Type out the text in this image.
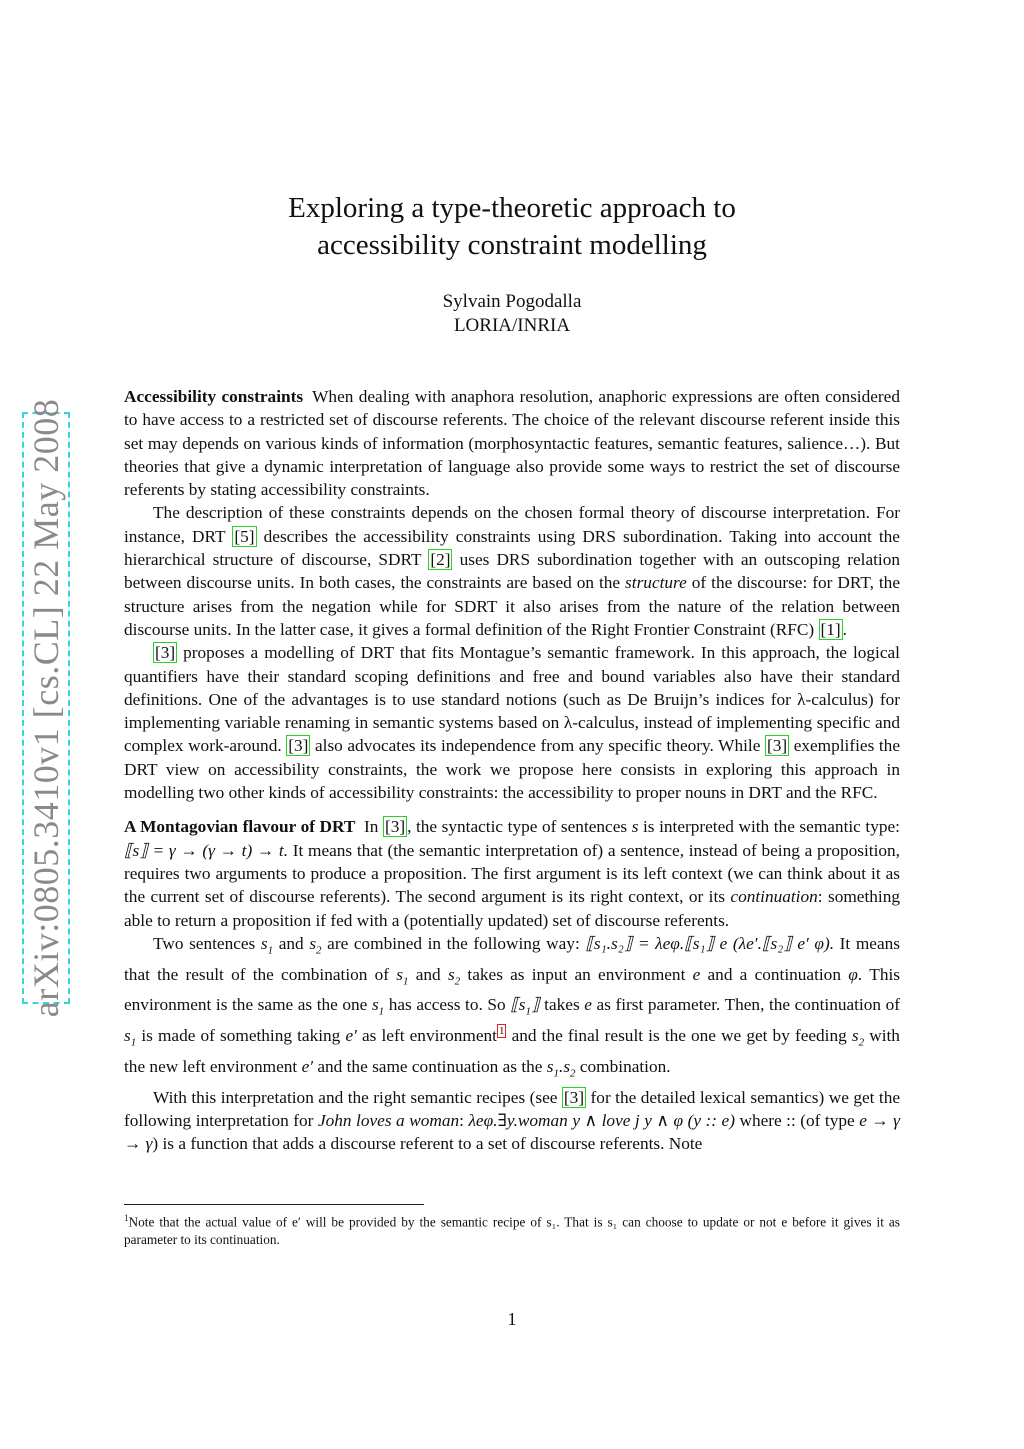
arXiv:0805.3410v1 [cs.CL] 22 May 2008
Exploring a type-theoretic approach to
accessibility constraint modelling
Sylvain Pogodalla
LORIA/INRIA

Accessibility constraints When dealing with anaphora resolution, anaphoric expressions are often considered to have access to a restricted set of discourse referents. The choice of the relevant discourse referent inside this set may depends on various kinds of information (morphosyntactic features, semantic features, salience…). But theories that give a dynamic interpretation of language also provide some ways to restrict the set of discourse referents by stating accessibility constraints.

The description of these constraints depends on the chosen formal theory of discourse interpretation. For instance, DRT [5] describes the accessibility constraints using DRS subordination. Taking into account the hierarchical structure of discourse, SDRT [2] uses DRS subordination together with an outscoping relation between discourse units. In both cases, the constraints are based on the structure of the discourse: for DRT, the structure arises from the negation while for SDRT it also arises from the nature of the relation between discourse units. In the latter case, it gives a formal definition of the Right Frontier Constraint (RFC) [1] .

[3] proposes a modelling of DRT that fits Montague’s semantic framework. In this approach, the logical quantifiers have their standard scoping definitions and free and bound variables also have their standard definitions. One of the advantages is to use standard notions (such as De Bruijn’s indices for λ-calculus) for implementing variable renaming in semantic systems based on λ-calculus, instead of implementing specific and complex work-around. [3] also advocates its independence from any specific theory. While [3] exemplifies the DRT view on accessibility constraints, the work we propose here consists in exploring this approach in modelling two other kinds of accessibility constraints: the accessibility to proper nouns in DRT and the RFC.

A Montagovian flavour of DRT In [3] , the syntactic type of sentences s is interpreted with the semantic type: ⟦s⟧ = γ → (γ → t) → t. It means that (the semantic interpretation of) a sentence, instead of being a proposition, requires two arguments to produce a proposition. The first argument is its left context (we can think about it as the current set of discourse referents). The second argument is its right context, or its continuation: something able to return a proposition if fed with a (potentially updated) set of discourse referents.

Two sentences $s_1$ and $s_2$ are combined in the following way: ⟦s₁.s₂⟧ = λeφ.⟦s₁⟧ e (λe′.⟦s₂⟧ e′ φ). It means that the result of the combination of $s_1$ and $s_2$ takes as input an environment e and a continuation φ. This environment is the same as the one $s_1$ has access to. So $⟦s_1⟧$ takes e as first parameter. Then, the continuation of $s_1$ is made of something taking e′ as left environment $^1$ and the final result is the one we get by feeding $s_2$ with the new left environment e′ and the same continuation as the $s_1.s_2$ combination.

With this interpretation and the right semantic recipes (see [3] for the detailed lexical semantics) we get the following interpretation for John loves a woman: λeφ.∃y.woman y ∧ love j y ∧ φ (y :: e) where :: (of type e → γ → γ) is a function that adds a discourse referent to a set of discourse referents. Note

$^1$Note that the actual value of e′ will be provided by the semantic recipe of s₁. That is s₁ can choose to update or not e before it gives it as parameter to its continuation.
1
